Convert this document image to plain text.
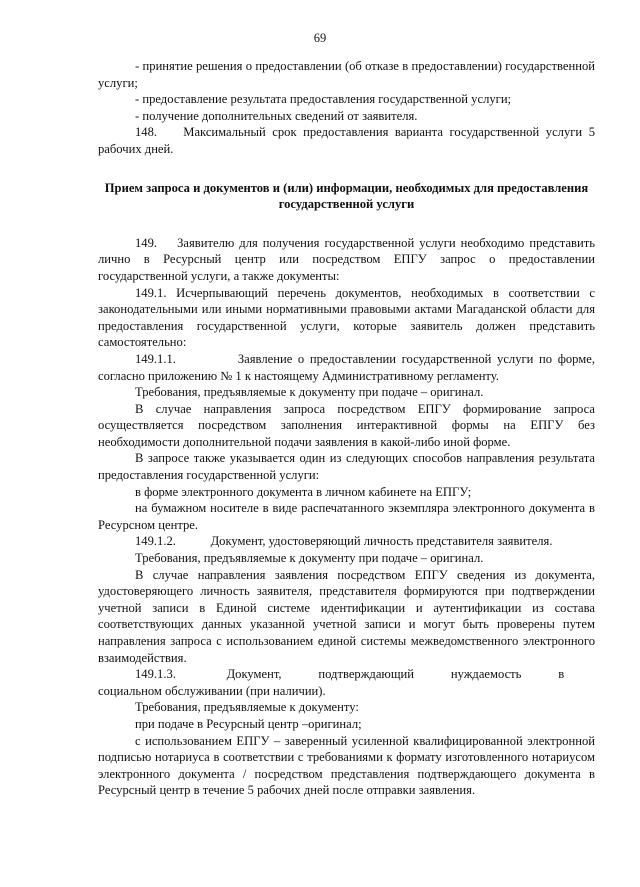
69

- принятие решения о предоставлении (об отказе в предоставлении) государственной услуги;

- предоставление результата предоставления государственной услуги;

- получение дополнительных сведений от заявителя.

148.    Максимальный срок предоставления варианта государственной услуги 5 рабочих дней.

Прием запроса и документов и (или) информации, необходимых для предоставления государственной услуги

149.    Заявителю для получения государственной услуги необходимо представить лично в Ресурсный центр или посредством ЕПГУ запрос о предоставлении государственной услуги, а также документы:

149.1. Исчерпывающий перечень документов, необходимых в соответствии с законодательными или иными нормативными правовыми актами Магаданской области для предоставления государственной услуги, которые заявитель должен представить самостоятельно:

149.1.1.           Заявление о предоставлении государственной услуги по форме, согласно приложению № 1 к настоящему Административному регламенту.

Требования, предъявляемые к документу при подаче – оригинал.

В случае направления запроса посредством ЕПГУ формирование запроса осуществляется посредством заполнения интерактивной формы на ЕПГУ без необходимости дополнительной подачи заявления в какой-либо иной форме.

В запросе также указывается один из следующих способов направления результата предоставления государственной услуги:

в форме электронного документа в личном кабинете на ЕПГУ;

на бумажном носителе в виде распечатанного экземпляра электронного документа в Ресурсном центре.

149.1.2.           Документ, удостоверяющий личность представителя заявителя.

Требования, предъявляемые к документу при подаче – оригинал.

В случае направления заявления посредством ЕПГУ сведения из документа, удостоверяющего личность заявителя, представителя формируются при подтверждении учетной записи в Единой системе идентификации и аутентификации из состава соответствующих данных указанной учетной записи и могут быть проверены путем направления запроса с использованием единой системы межведомственного электронного взаимодействия.

149.1.3.           Документ,        подтверждающий        нуждаемость        в        социальном обслуживании (при наличии).

Требования, предъявляемые к документу:

при подаче в Ресурсный центр –оригинал;

с использованием ЕПГУ – заверенный усиленной квалифицированной электронной подписью нотариуса в соответствии с требованиями к формату изготовленного нотариусом электронного документа / посредством представления подтверждающего документа в Ресурсный центр в течение 5 рабочих дней после отправки заявления.
